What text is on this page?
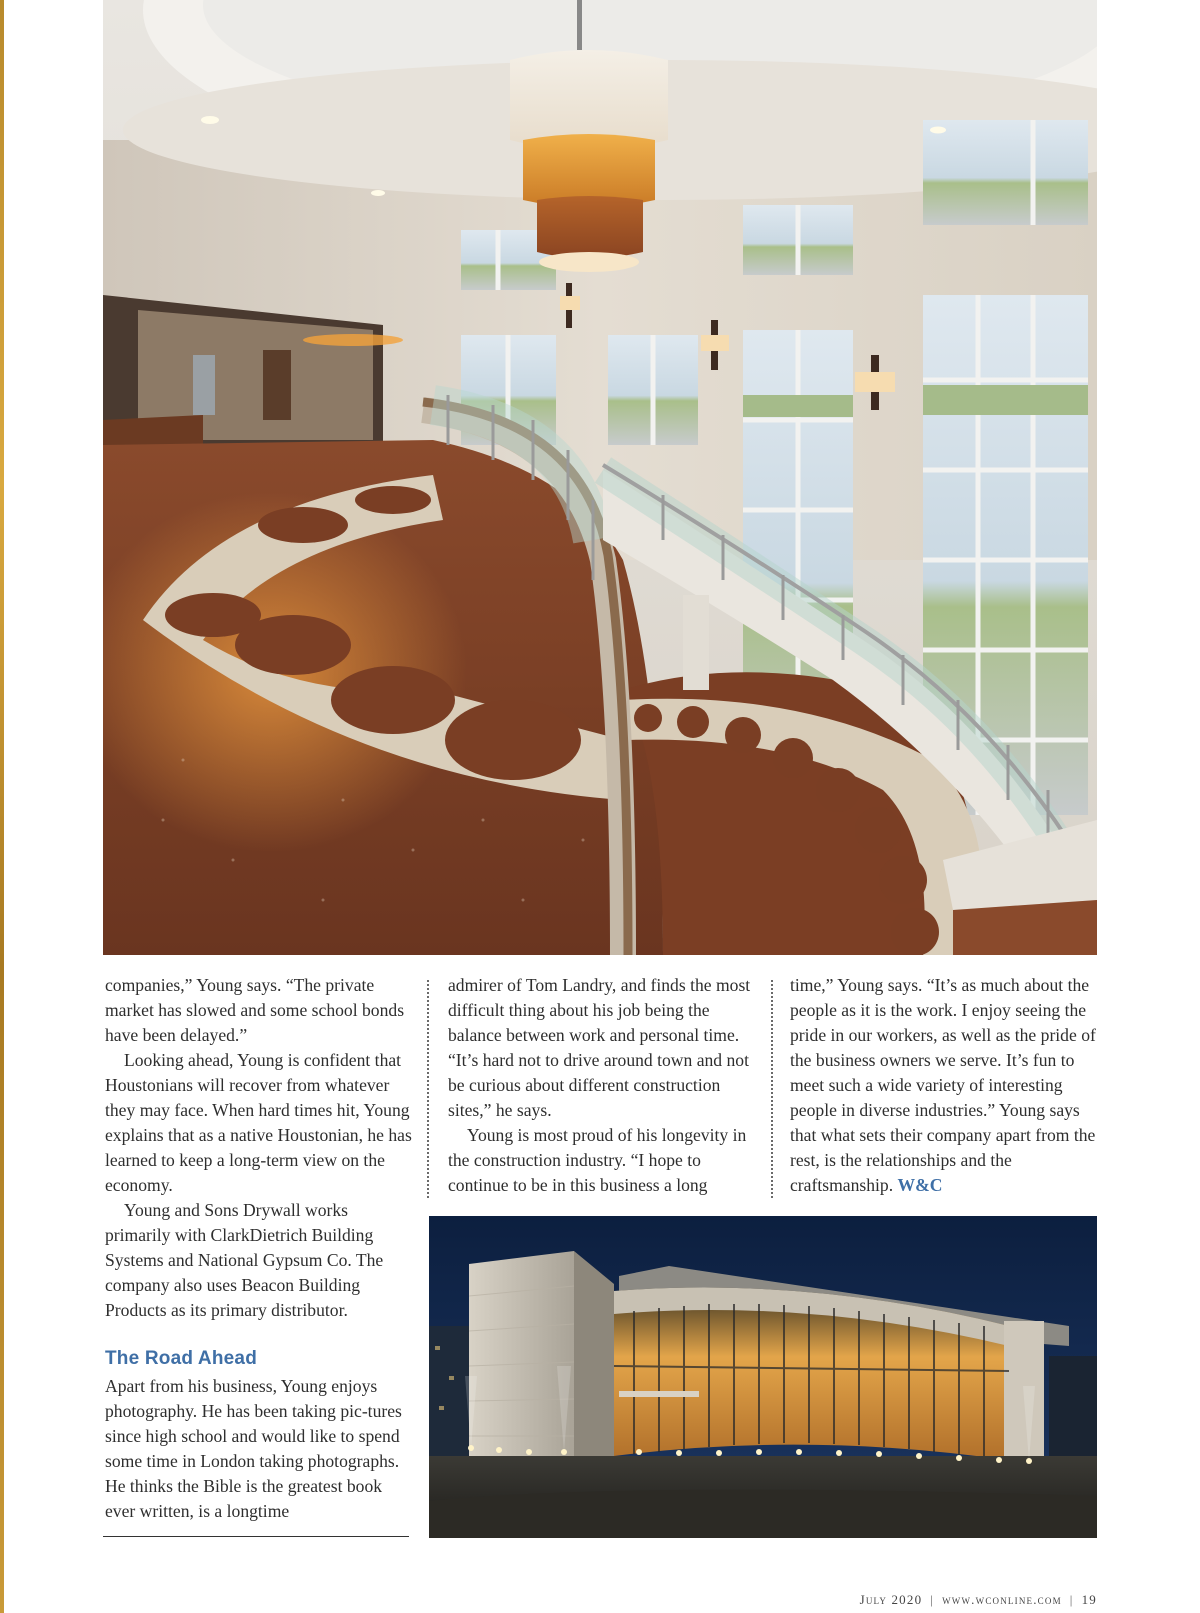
companies,” Young says. “The private market has slowed and some school bonds have been delayed.”

Looking ahead, Young is confident that Houstonians will recover from whatever they may face. When hard times hit, Young explains that as a native Houstonian, he has learned to keep a long-term view on the economy.

Young and Sons Drywall works primarily with ClarkDietrich Building Systems and National Gypsum Co. The company also uses Beacon Building Products as its primary distributor.

admirer of Tom Landry, and finds the most difficult thing about his job being the balance between work and personal time. “It’s hard not to drive around town and not be curious about different construction sites,” he says.

Young is most proud of his longevity in the construction industry. “I hope to continue to be in this business a long

time,” Young says. “It’s as much about the people as it is the work. I enjoy seeing the pride in our workers, as well as the pride of the business owners we serve. It’s fun to meet such a wide variety of interesting people in diverse industries.” Young says that what sets their company apart from the rest, is the relationships and the craftsmanship. W&C

The Road Ahead

Apart from his business, Young enjoys photography. He has been taking pic-tures since high school and would like to spend some time in London taking photographs. He thinks the Bible is the greatest book ever written, is a longtime

July 2020 | www.wconline.com | 19
